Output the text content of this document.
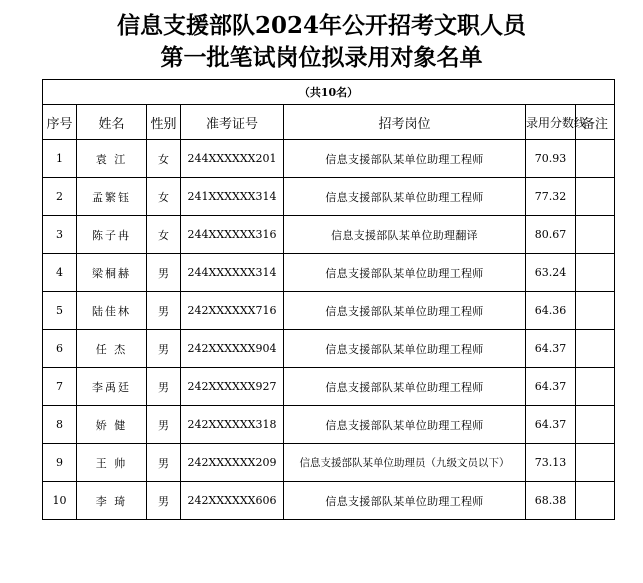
信息支援部队2024年公开招考文职人员
第一批笔试岗位拟录用对象名单
（共10名）						
序号	姓名	性别	准考证号	招考岗位	录用分数线	备注
1	袁 江	女	244XXXXXX201	信息支援部队某单位助理工程师	70.93	
2	孟繁钰	女	241XXXXXX314	信息支援部队某单位助理工程师	77.32	
3	陈子冉	女	244XXXXXX316	信息支援部队某单位助理翻译	80.67	
4	梁桐赫	男	244XXXXXX314	信息支援部队某单位助理工程师	63.24	
5	陆佳林	男	242XXXXXX716	信息支援部队某单位助理工程师	64.36	
6	任 杰	男	242XXXXXX904	信息支援部队某单位助理工程师	64.37	
7	李禹廷	男	242XXXXXX927	信息支援部队某单位助理工程师	64.37	
8	娇 健	男	242XXXXXX318	信息支援部队某单位助理工程师	64.37	
9	王 帅	男	242XXXXXX209	信息支援部队某单位助理员（九级文员以下）	73.13	
10	李 琦	男	242XXXXXX606	信息支援部队某单位助理工程师	68.38	
